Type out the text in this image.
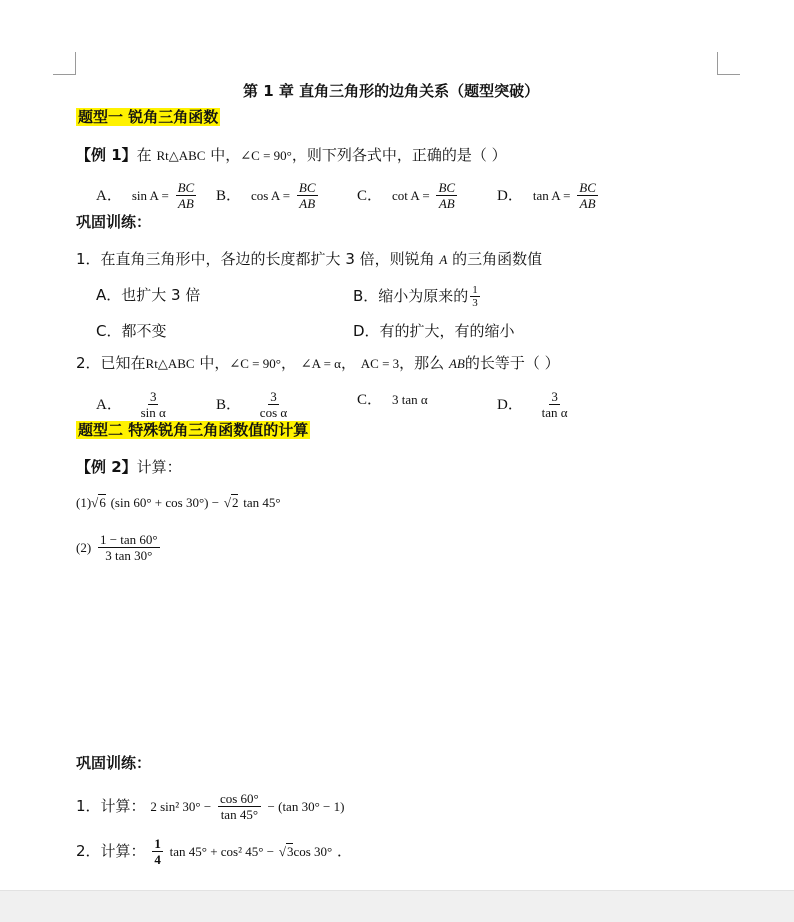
第 1 章 直角三角形的边角关系（题型突破）
题型一 锐角三角函数
【例 1】在 Rt△ABC 中，∠C = 90°，则下列各式中，正确的是（ ）
A． $\sin A = \frac{BC}{AB}$ B． $\cos A = \frac{BC}{AB}$	C． $\cot A = \frac{BC}{AB}$	D． $\tan A = \frac{BC}{AB}$
巩固训练：
1．在直角三角形中，各边的长度都扩大 3 倍，则锐角 A 的三角函数值
A．也扩大 3 倍	B．缩小为原来的 $\frac{1}{3}$
C．都不变	D．有的扩大，有的缩小
2．已知在Rt△ABC 中，∠C = 90°， ∠A = α， AC = 3，那么 AB的长等于（ ）
A． $\frac{3}{\text{sin α}}$	B． $\frac{3}{\text{cos α}}$	C． 3 tan α	D． $\frac{3}{\text{tan α}}$
题型二 特殊锐角三角函数值的计算
【例 2】计算：
(1)√6 (sin 60° + cos 30°) − √2 tan 45°
$(2) \frac{1 - \tan 60^\circ}{3 \tan 30^\circ}$
巩固训练：
1．计算： 2 sin² $30^\circ - \frac{\cos 60^\circ}{\tan 45^\circ} - (\tan$ 30° − 1)
2．计算： $\frac{1}{4}$ tan 45° + cos² 45° − √3cos 30° ．
